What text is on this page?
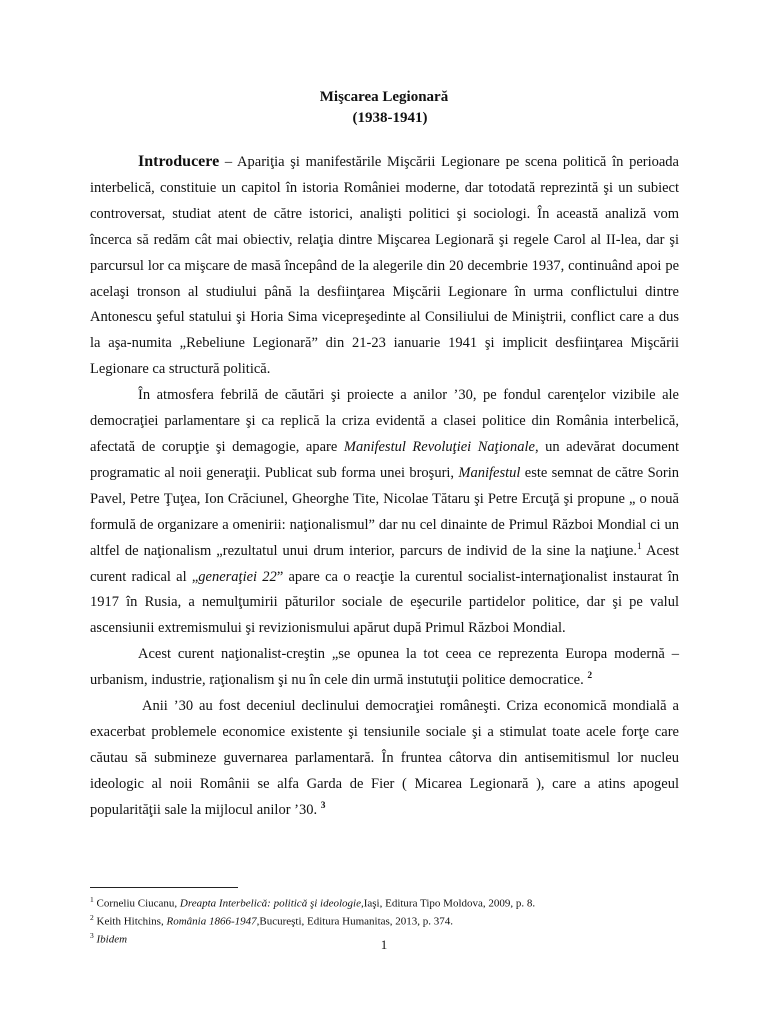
Mişcarea Legionară
(1938-1941)

Introducere – Apariţia şi manifestările Mişcării Legionare pe scena politică în perioada interbelică, constituie un capitol în istoria României moderne, dar totodată reprezintă şi un subiect controversat, studiat atent de către istorici, analişti politici şi sociologi. În această analiză vom încerca să redăm cât mai obiectiv, relaţia dintre Mişcarea Legionară şi regele Carol al II-lea, dar şi parcursul lor ca mişcare de masă începând de la alegerile din 20 decembrie 1937, continuând apoi pe acelaşi tronson al studiului până la desfiinţarea Mişcării Legionare în urma conflictului dintre Antonescu şeful statului şi Horia Sima vicepreşedinte al Consiliului de Miniştrii, conflict care a dus la aşa-numita „Rebeliune Legionară” din 21-23 ianuarie 1941 şi implicit desfiinţarea Mişcării Legionare ca structură politică.

În atmosfera febrilă de căutări şi proiecte a anilor ’30, pe fondul carenţelor vizibile ale democraţiei parlamentare şi ca replică la criza evidentă a clasei politice din România interbelică, afectată de corupţie şi demagogie, apare Manifestul Revoluţiei Naţionale, un adevărat document programatic al noii generaţii. Publicat sub forma unei broşuri, Manifestul este semnat de către Sorin Pavel, Petre Ţuţea, Ion Crăciunel, Gheorghe Tite, Nicolae Tătaru şi Petre Ercuţă şi propune „ o nouă formulă de organizare a omenirii: naţionalismul” dar nu cel dinainte de Primul Război Mondial ci un altfel de naţionalism „rezultatul unui drum interior, parcurs de individ de la sine la naţiune.$^1$ Acest curent radical al „generaţiei 22” apare ca o reacţie la curentul socialist-internaţionalist instaurat în 1917 în Rusia, a nemulţumirii păturilor sociale de eşecurile partidelor politice, dar şi pe valul ascensiunii extremismului şi revizionismului apărut după Primul Război Mondial.

Acest curent naţionalist-creştin „se opunea la tot ceea ce reprezenta Europa modernă – urbanism, industrie, raţionalism şi nu în cele din urmă instutuţii politice democratice. $^2$

Anii ’30 au fost deceniul declinului democraţiei româneşti. Criza economică mondială a exacerbat problemele economice existente şi tensiunile sociale şi a stimulat toate acele forţe care căutau să submineze guvernarea parlamentară. În fruntea câtorva din antisemitismul lor nucleu ideologic al noii Românii se alfa Garda de Fier ( Micarea Legionară ), care a atins apogeul popularităţii sale la mijlocul anilor ’30. $^3$

$^1$ Corneliu Ciucanu, Dreapta Interbelică: politică şi ideologie,Iaşi, Editura Tipo Moldova, 2009, p. 8.
$^2$ Keith Hitchins, România 1866-1947,Bucureşti, Editura Humanitas, 2013, p. 374.
$^3$ Ibidem	1
